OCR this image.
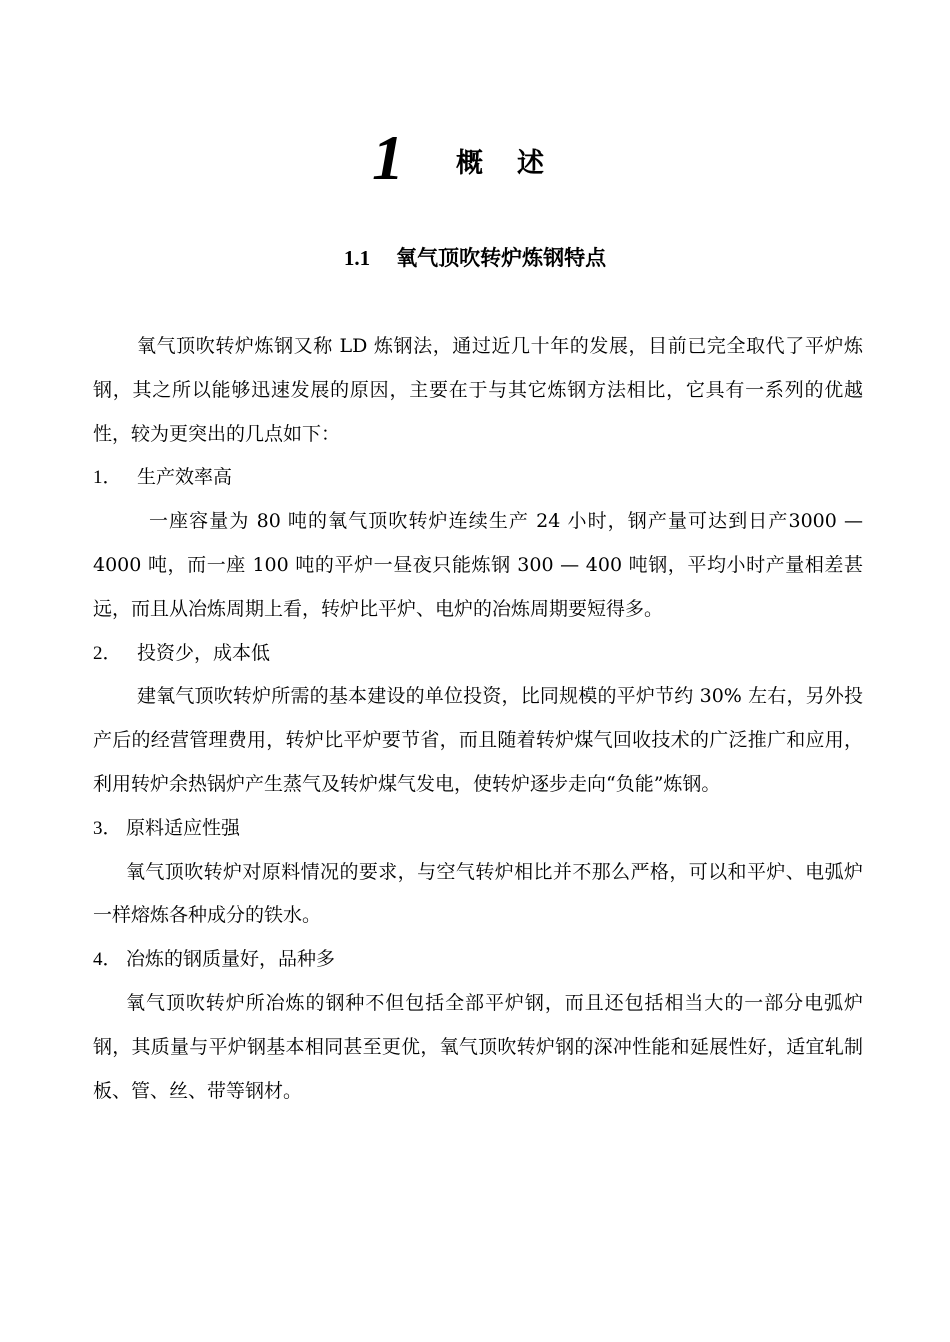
1 概述
1.1 氧气顶吹转炉炼钢特点

氧气顶吹转炉炼钢又称 LD 炼钢法，通过近几十年的发展，目前已完全取代了平炉炼钢，其之所以能够迅速发展的原因，主要在于与其它炼钢方法相比，它具有一系列的优越性，较为更突出的几点如下：

1． 生产效率高

一座容量为 80 吨的氧气顶吹转炉连续生产 24 小时，钢产量可达到日产3000 — 4000 吨，而一座 100 吨的平炉一昼夜只能炼钢 300 — 400 吨钢，平均小时产量相差甚远，而且从冶炼周期上看，转炉比平炉、电炉的冶炼周期要短得多。

2． 投资少，成本低

建氧气顶吹转炉所需的基本建设的单位投资，比同规模的平炉节约 30% 左右，另外投产后的经营管理费用，转炉比平炉要节省，而且随着转炉煤气回收技术的广泛推广和应用，利用转炉余热锅炉产生蒸气及转炉煤气发电，使转炉逐步走向“负能”炼钢。

3． 原料适应性强

氧气顶吹转炉对原料情况的要求，与空气转炉相比并不那么严格，可以和平炉、电弧炉一样熔炼各种成分的铁水。

4． 冶炼的钢质量好，品种多

氧气顶吹转炉所冶炼的钢种不但包括全部平炉钢，而且还包括相当大的一部分电弧炉钢，其质量与平炉钢基本相同甚至更优，氧气顶吹转炉钢的深冲性能和延展性好，适宜轧制板、管、丝、带等钢材。
